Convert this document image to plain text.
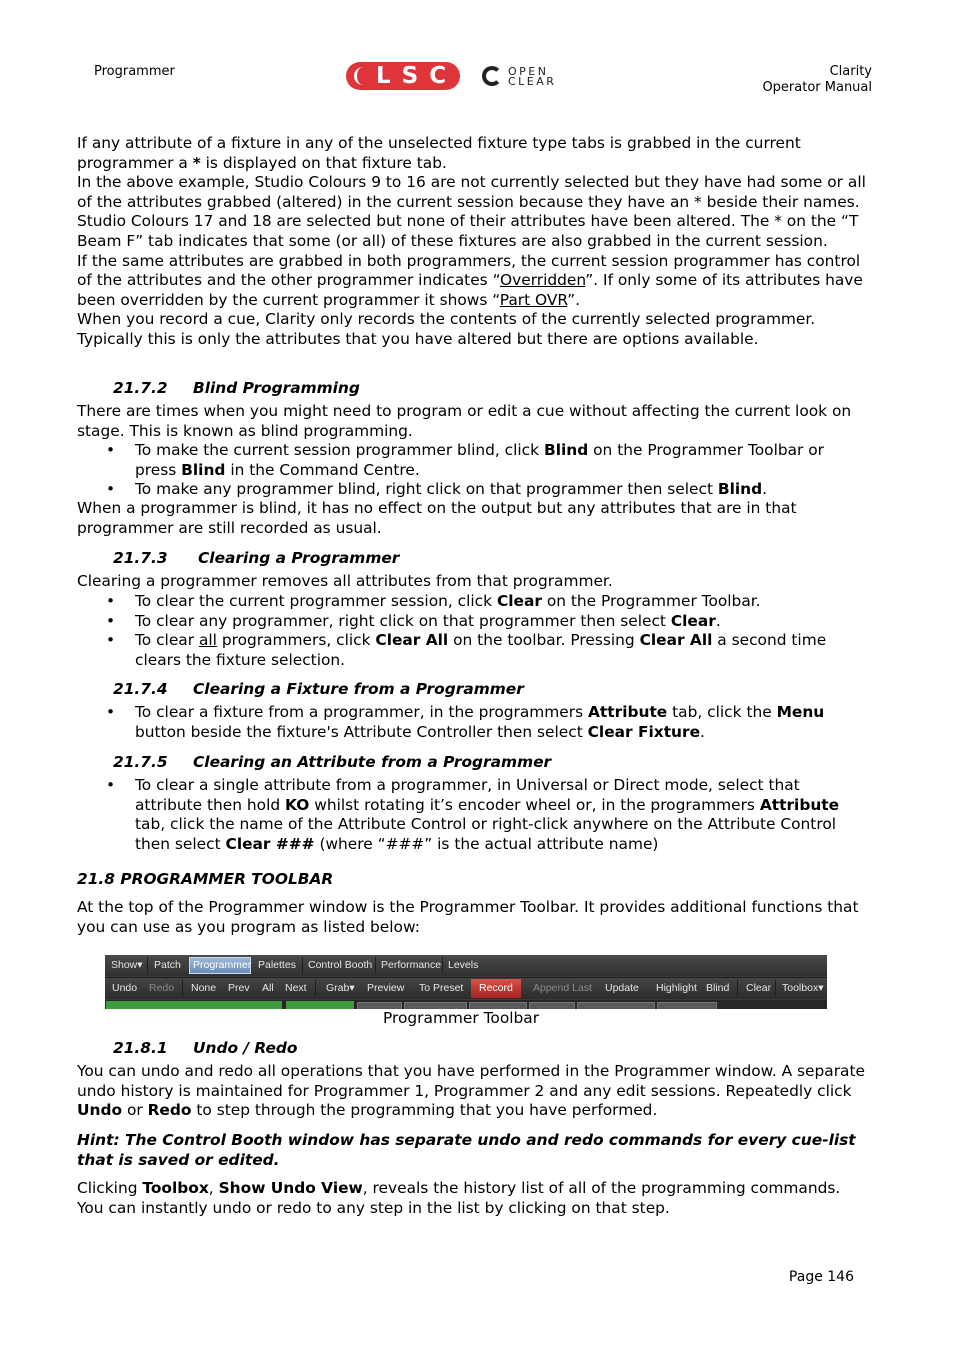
Programmer	LSC	OPEN
CLEAR
Clarity
Operator Manual
If any attribute of a fixture in any of the unselected fixture type tabs is grabbed in the current programmer a * is displayed on that fixture tab.
In the above example, Studio Colours 9 to 16 are not currently selected but they have had some or all of the attributes grabbed (altered) in the current session because they have an * beside their names. Studio Colours 17 and 18 are selected but none of their attributes have been altered. The * on the “T Beam F” tab indicates that some (or all) of these fixtures are also grabbed in the current session.
If the same attributes are grabbed in both programmers, the current session programmer has control of the attributes and the other programmer indicates “Overridden”. If only some of its attributes have been overridden by the current programmer it shows “Part OVR”.
When you record a cue, Clarity only records the contents of the currently selected programmer. Typically this is only the attributes that you have altered but there are options available.
21.7.2 Blind Programming
There are times when you might need to program or edit a cue without affecting the current look on stage. This is known as blind programming.
• To make the current session programmer blind, click Blind on the Programmer Toolbar or press Blind in the Command Centre.
• To make any programmer blind, right click on that programmer then select Blind.
When a programmer is blind, it has no effect on the output but any attributes that are in that programmer are still recorded as usual.
21.7.3 Clearing a Programmer
Clearing a programmer removes all attributes from that programmer.
• To clear the current programmer session, click Clear on the Programmer Toolbar.
• To clear any programmer, right click on that programmer then select Clear.
• To clear all programmers, click Clear All on the toolbar. Pressing Clear All a second time clears the fixture selection.
21.7.4 Clearing a Fixture from a Programmer
• To clear a fixture from a programmer, in the programmers Attribute tab, click the Menu button beside the fixture's Attribute Controller then select Clear Fixture.
21.7.5 Clearing an Attribute from a Programmer
• To clear a single attribute from a programmer, in Universal or Direct mode, select that attribute then hold KO whilst rotating it’s encoder wheel or, in the programmers Attribute tab, click the name of the Attribute Control or right-click anywhere on the Attribute Control then select Clear ### (where “###” is the actual attribute name)
21.8 PROGRAMMER TOOLBAR
At the top of the Programmer window is the Programmer Toolbar. It provides additional functions that you can use as you program as listed below:
Show▾ Patch	Programmer Palettes Control Booth Performance Levels
Undo Redo None Prev All Next Grab▾ Preview To Preset	Record	Append Last Update Highlight Blind Clear Toolbox▾
Programmer Toolbar
21.8.1 Undo / Redo
You can undo and redo all operations that you have performed in the Programmer window. A separate undo history is maintained for Programmer 1, Programmer 2 and any edit sessions. Repeatedly click Undo or Redo to step through the programming that you have performed.
Hint: The Control Booth window has separate undo and redo commands for every cue-list that is saved or edited.
Clicking Toolbox, Show Undo View, reveals the history list of all of the programming commands. You can instantly undo or redo to any step in the list by clicking on that step.
Page 146
